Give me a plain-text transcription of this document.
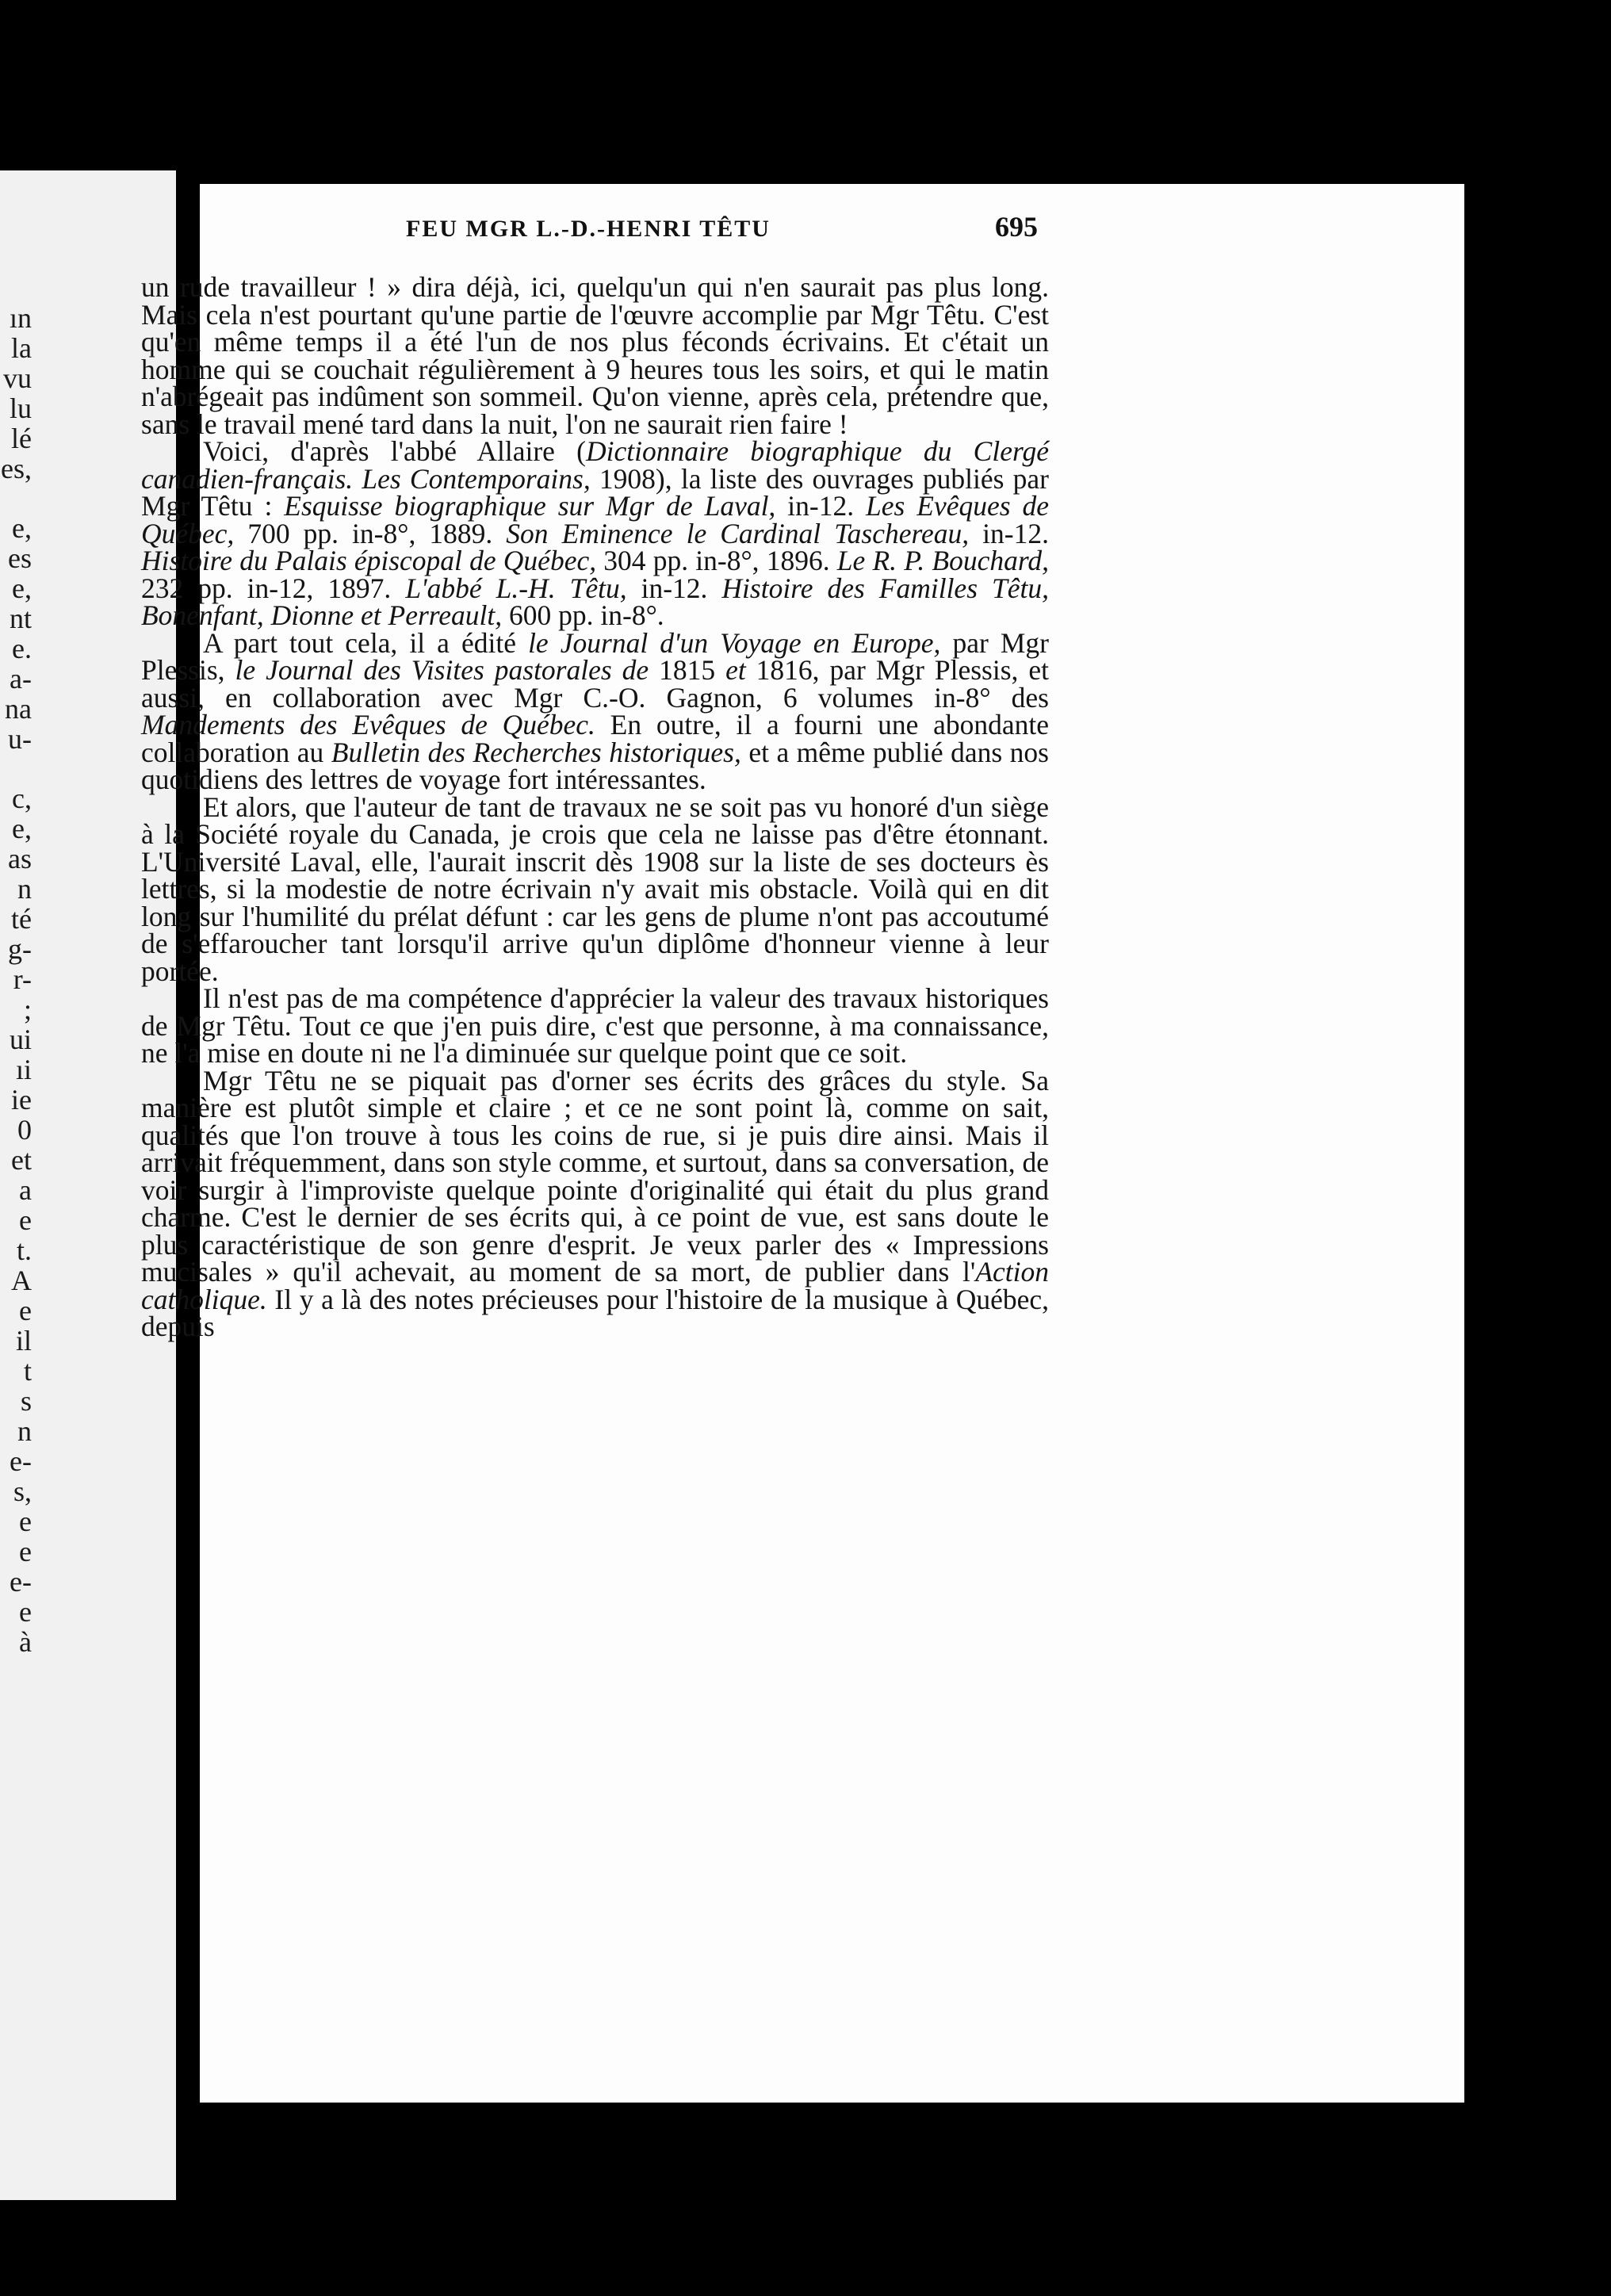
ın
la
vu
lu
lé
es,
e,
es
e,
nt
e.
a-
na
u-
c,
e,
as
n
té
g-
r-
;
ui
ıi
ie
0
et
a
e
t.
A
e
il
t
s
n
e-
s,
e
e
e-
e
à
FEU MGR L.-D.-HENRI TÊTU	695

un rude travailleur ! » dira déjà, ici, quelqu'un qui n'en saurait pas plus long. Mais cela n'est pourtant qu'une partie de l'œuvre accomplie par Mgr Têtu. C'est qu'en même temps il a été l'un de nos plus féconds écrivains. Et c'était un homme qui se couchait régulièrement à 9 heures tous les soirs, et qui le matin n'abrégeait pas indûment son sommeil. Qu'on vienne, après cela, prétendre que, sans le travail mené tard dans la nuit, l'on ne saurait rien faire !

Voici, d'après l'abbé Allaire (Dictionnaire biographique du Clergé canadien-français. Les Contemporains, 1908), la liste des ouvrages publiés par Mgr Têtu : Esquisse biographique sur Mgr de Laval, in-12. Les Evêques de Québec, 700 pp. in-8°, 1889. Son Eminence le Cardinal Taschereau, in-12. Histoire du Palais épiscopal de Québec, 304 pp. in-8°, 1896. Le R. P. Bouchard, 232 pp. in-12, 1897. L'abbé L.-H. Têtu, in-12. Histoire des Familles Têtu, Bonenfant, Dionne et Perreault, 600 pp. in-8°.

A part tout cela, il a édité le Journal d'un Voyage en Europe, par Mgr Plessis, le Journal des Visites pastorales de 1815 et 1816, par Mgr Plessis, et aussi, en collaboration avec Mgr C.-O. Gagnon, 6 volumes in-8° des Mandements des Evêques de Québec. En outre, il a fourni une abondante collaboration au Bulletin des Recherches historiques, et a même publié dans nos quotidiens des lettres de voyage fort intéressantes.

Et alors, que l'auteur de tant de travaux ne se soit pas vu honoré d'un siège à la Société royale du Canada, je crois que cela ne laisse pas d'être étonnant. L'Université Laval, elle, l'aurait inscrit dès 1908 sur la liste de ses docteurs ès lettres, si la modestie de notre écrivain n'y avait mis obstacle. Voilà qui en dit long sur l'humilité du prélat défunt : car les gens de plume n'ont pas accoutumé de s'effaroucher tant lorsqu'il arrive qu'un diplôme d'honneur vienne à leur portée.

Il n'est pas de ma compétence d'apprécier la valeur des travaux historiques de Mgr Têtu. Tout ce que j'en puis dire, c'est que personne, à ma connaissance, ne l'a mise en doute ni ne l'a diminuée sur quelque point que ce soit.

Mgr Têtu ne se piquait pas d'orner ses écrits des grâces du style. Sa manière est plutôt simple et claire ; et ce ne sont point là, comme on sait, qualités que l'on trouve à tous les coins de rue, si je puis dire ainsi. Mais il arrivait fréquemment, dans son style comme, et surtout, dans sa conversation, de voir surgir à l'improviste quelque pointe d'originalité qui était du plus grand charme. C'est le dernier de ses écrits qui, à ce point de vue, est sans doute le plus caractéristique de son genre d'esprit. Je veux parler des « Impressions mucisales » qu'il achevait, au moment de sa mort, de publier dans l'Action catholique. Il y a là des notes précieuses pour l'histoire de la musique à Québec, depuis
